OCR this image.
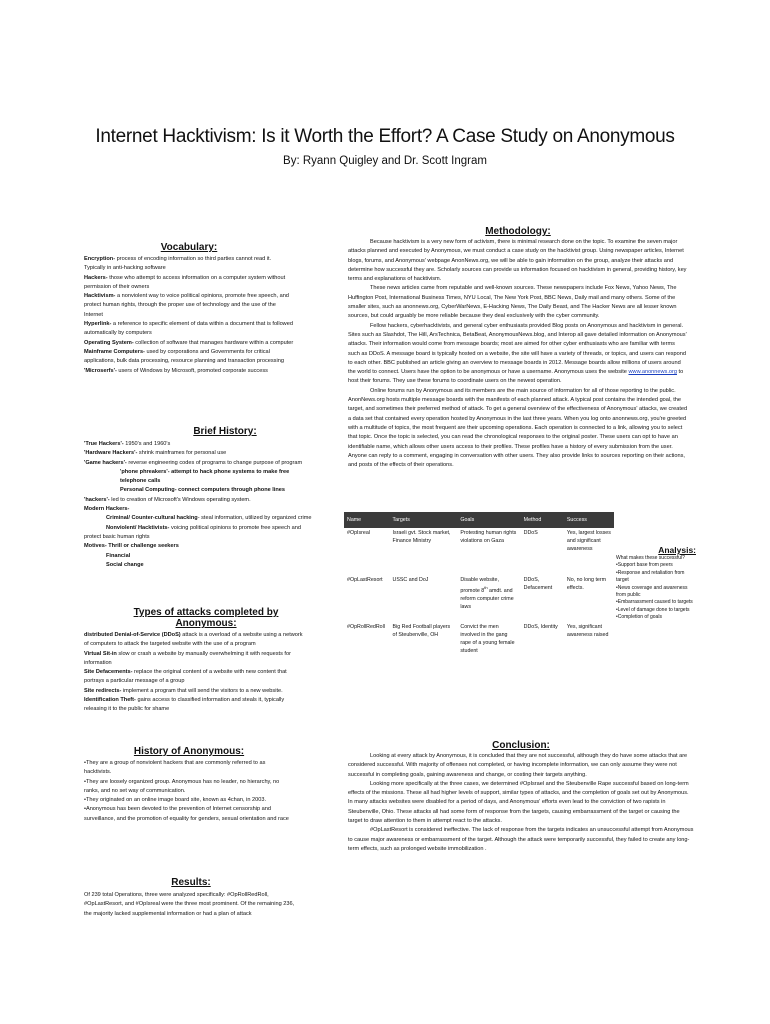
Internet Hacktivism: Is it Worth the Effort? A Case Study on Anonymous
By: Ryann Quigley and Dr. Scott Ingram
Vocabulary:

Encryption- process of encoding information so third parties cannot read it. Typically in anti-hacking software

Hackers- those who attempt to access information on a computer system without permission of their owners

Hacktivism- a nonviolent way to voice political opinions, promote free speech, and protect human rights, through the proper use of technology and the use of the Internet

Hyperlink- a reference to specific element of data within a document that is followed automatically by computers

Operating System- collection of software that manages hardware within a computer

Mainframe Computers- used by corporations and Governments for critical applications, bulk data processing, resource planning and transaction processing

'Microserfs'- users of Windows by Microsoft, promoted corporate success

Brief History:

'True Hackers'- 1950's and 1960's

'Hardware Hackers'- shrink mainframes for personal use

'Game hackers'- reverse engineering codes of programs to change purpose of program

'phone phreakers'- attempt to hack phone systems to make free telephone calls

Personal Computing- connect computers through phone lines

'hackers'- led to creation of Microsoft's Windows operating system.

Modern Hackers-

Criminal/ Counter-cultural hacking- steal information, utilized by organized crime

Nonviolent/ Hacktivists- voicing political opinions to promote free speech and protect basic human rights

Motives- Thrill or challenge seekers

Financial

Social change

Types of attacks completed by Anonymous:

distributed Denial-of-Service (DDoS) attack is a overload of a website using a network of computers to attack the targeted website with the use of a program

Virtual Sit-in slow or crash a website by manually overwhelming it with requests for information

Site Defacements- replace the original content of a website with new content that portrays a particular message of a group

Site redirects- implement a program that will send the visitors to a new website.

Identification Theft- gains access to classified information and steals it, typically releasing it to the public for shame

History of Anonymous:

•They are a group of nonviolent hackers that are commonly referred to as hacktivists.

•They are loosely organized group. Anonymous has no leader, no hierarchy, no ranks, and no set way of communication.

•They originated on an online image board site, known as 4chan, in 2003.

•Anonymous has been devoted to the prevention of Internet censorship and surveillance, and the promotion of equality for genders, sexual orientation and race

Results:
Of 239 total Operations, three were analyzed specifically: #OpRollRedRoll, #OpLastResort, and #OpIsreal were the three most prominent. Of the remaining 236, the majority lacked supplemental information or had a plan of attack
Methodology:

Because hacktivism is a very new form of activism, there is minimal research done on the topic. To examine the seven major attacks planned and executed by Anonymous, we must conduct a case study on the hacktivist group. Using newspaper articles, Internet blogs, forums, and Anonymous' webpage AnonNews.org, we will be able to gain information on the group, analyze their attacks and determine how successful they are. Scholarly sources can provide us information focused on hacktivism in general, providing history, key terms and explanations of hacktivism.

These news articles came from reputable and well-known sources. These newspapers include Fox News, Yahoo News, The Huffington Post, International Business Times, NYU Local, The New York Post, BBC News, Daily mail and many others. Some of the smaller sites, such as anonnews.org, CyberWarNews, E-Hacking News, The Daily Beast, and The Hacker News are all lesser known sources, but could arguably be more reliable because they deal exclusively with the cyber community.

Fellow hackers, cyberhacktivists, and general cyber enthusiasts provided Blog posts on Anonymous and hacktivism in general. Sites such as Slashdot, The Hill, ArsTechnica, BetaBeat, AnonymousNews.blog, and Interop all gave detailed information on Anonymous' attacks. Their information would come from message boards; most are aimed for other cyber enthusiasts who are familiar with terms such as DDoS. A message board is typically hosted on a website, the site will have a variety of threads, or topics, and users can respond to each other. BBC published an article giving an overview to message boards in 2012. Message boards allow millions of users around the world to connect. Users have the option to be anonymous or have a username. Anonymous uses the website www.anonnews.org to host their forums. They use these forums to coordinate users on the newest operation.

Online forums run by Anonymous and its members are the main source of information for all of those reporting to the public. AnonNews.org hosts multiple message boards with the manifests of each planned attack. A typical post contains the intended goal, the target, and sometimes their preferred method of attack. To get a general overview of the effectiveness of Anonymous' attacks, we created a data set that contained every operation hosted by Anonymous in the last three years. When you log onto anonnews.org, you're greeted with a multitude of topics, the most frequent are their upcoming operations. Each operation is connected to a link, allowing you to select that topic. Once the topic is selected, you can read the chronological responses to the original poster. These users can opt to have an identifiable name, which allows other users access to their profiles. These profiles have a history of every submission from the user. Anyone can reply to a comment, engaging in conversation with other users. They also provide links to sources reporting on their actions, and posts of the effects of their operations.

Name	Targets	Goals	Method	Success
#OpIsreal	Israeli gvt. Stock market, Finance Ministry	Protesting human rights violations on Gaza	DDoS	Yes, largest losses and significant awareness
#OpLastResort	USSC and DoJ	Disable website, promote 8th amdt. and reform computer crime laws	DDoS, Defacement	No, no long term effects.
#OpRollRedRoll	Big Red Football players of Steubenville, OH	Convict the men involved in the gang rape of a young female student	DDoS, Identity	Yes, significant awareness raised
Analysis:

What makes these successful?

•Support base from peers

•Response and retaliation from target

•News coverage and awareness from public

•Embarrassment caused to targets

•Level of damage done to targets

•Completion of goals

Conclusion:

Looking at every attack by Anonymous, it is concluded that they are not successful, although they do have some attacks that are considered successful. With majority of offenses not completed, or having incomplete information, we can only assume they were not successful in completing goals, gaining awareness and change, or costing their targets anything.

Looking more specifically at the three cases, we determined #OpIsrael and the Steubenville Rape successful based on long-term effects of the missions. These all had higher levels of support, similar types of attacks, and the completion of goals set out by Anonymous. In many attacks websites were disabled for a period of days, and Anonymous' efforts even lead to the conviction of two rapists in Steubenville, Ohio. These attacks all had some form of response from the targets, causing embarrassment of the target or causing the target to draw attention to them in attempt react to the attacks.

#OpLastResort is considered ineffective. The lack of response from the targets indicates an unsuccessful attempt from Anonymous to cause major awareness or embarrassment of the target. Although the attack were temporarily successful, they failed to create any long-term effects, such as prolonged website immobilization .
